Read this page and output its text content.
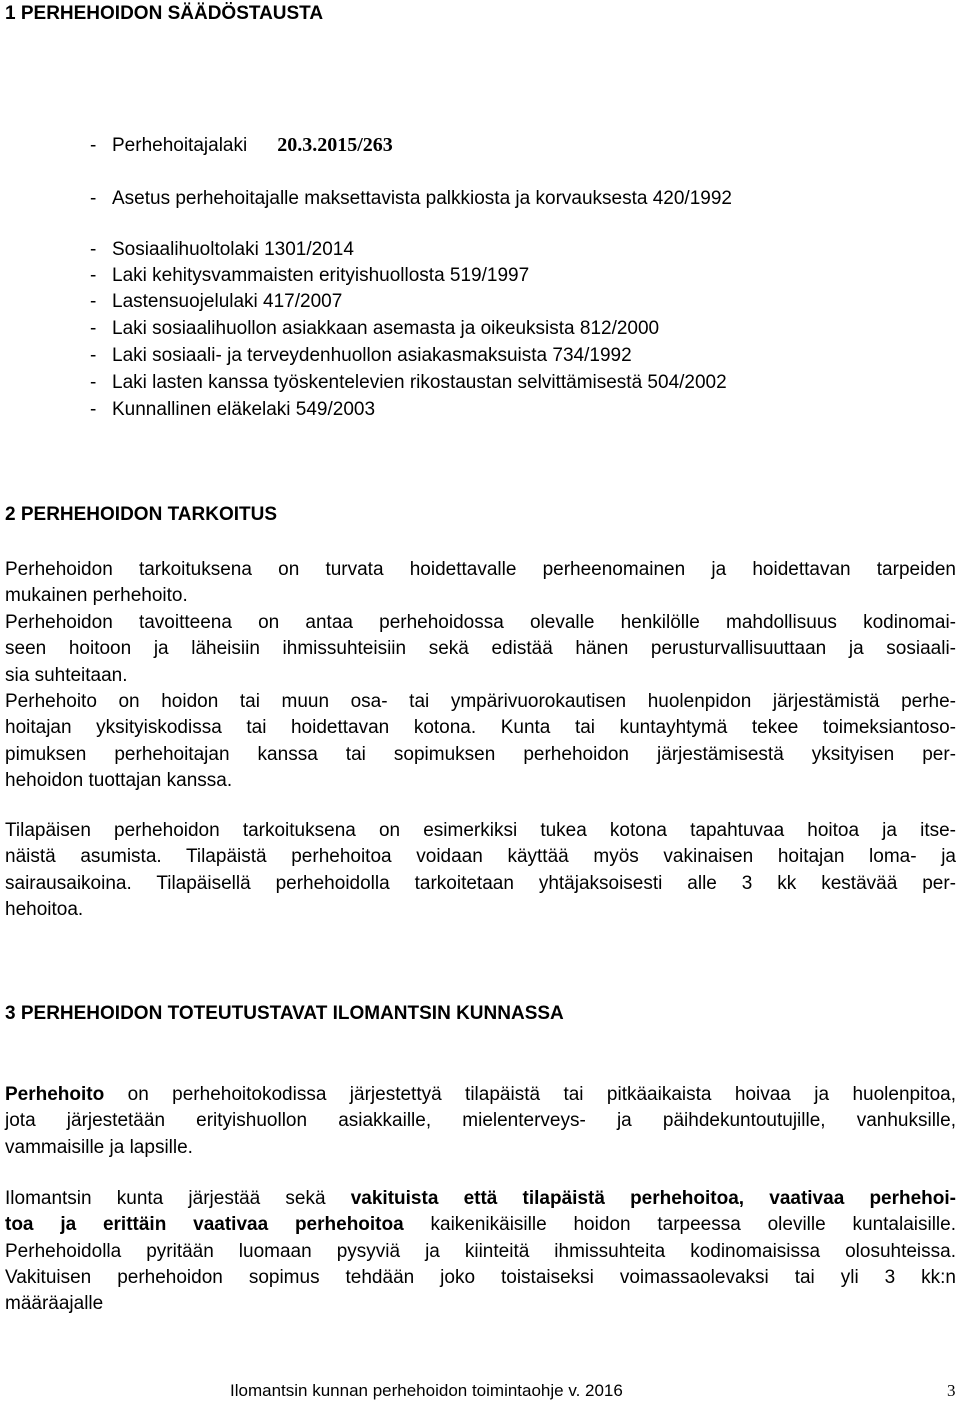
1 PERHEHOIDON SÄÄDÖSTAUSTA
- Perhehoitajalaki 20.3.2015/263
- Asetus perhehoitajalle maksettavista palkkiosta ja korvauksesta 420/1992
- Sosiaalihuoltolaki 1301/2014
- Laki kehitysvammaisten erityishuollosta 519/1997
- Lastensuojelulaki 417/2007
- Laki sosiaalihuollon asiakkaan asemasta ja oikeuksista 812/2000
- Laki sosiaali- ja terveydenhuollon asiakasmaksuista 734/1992
- Laki lasten kanssa työskentelevien rikostaustan selvittämisestä 504/2002
- Kunnallinen eläkelaki 549/2003
2 PERHEHOIDON TARKOITUS
Perhehoidon tarkoituksena on turvata hoidettavalle perheenomainen ja hoidettavan tarpeiden
mukainen perhehoito.
Perhehoidon tavoitteena on antaa perhehoidossa olevalle henkilölle mahdollisuus kodinomai-
seen hoitoon ja läheisiin ihmissuhteisiin sekä edistää hänen perusturvallisuuttaan ja sosiaali-
sia suhteitaan.
Perhehoito on hoidon tai muun osa- tai ympärivuorokautisen huolenpidon järjestämistä perhe-
hoitajan yksityiskodissa tai hoidettavan kotona. Kunta tai kuntayhtymä tekee toimeksiantoso-
pimuksen perhehoitajan kanssa tai sopimuksen perhehoidon järjestämisestä yksityisen per-
hehoidon tuottajan kanssa.
Tilapäisen perhehoidon tarkoituksena on esimerkiksi tukea kotona tapahtuvaa hoitoa ja itse-
näistä asumista. Tilapäistä perhehoitoa voidaan käyttää myös vakinaisen hoitajan loma- ja
sairausaikoina. Tilapäisellä perhehoidolla tarkoitetaan yhtäjaksoisesti alle 3 kk kestävää per-
hehoitoa.
3 PERHEHOIDON TOTEUTUSTAVAT ILOMANTSIN KUNNASSA
Perhehoito on perhehoitokodissa järjestettyä tilapäistä tai pitkäaikaista hoivaa ja huolenpitoa,
jota järjestetään erityishuollon asiakkaille, mielenterveys- ja päihdekuntoutujille, vanhuksille,
vammaisille ja lapsille.
Ilomantsin kunta järjestää sekä vakituista että tilapäistä perhehoitoa, vaativaa perhehoi-
toa ja erittäin vaativaa perhehoitoa kaikenikäisille hoidon tarpeessa oleville kuntalaisille.
Perhehoidolla pyritään luomaan pysyviä ja kiinteitä ihmissuhteita kodinomaisissa olosuhteissa.
Vakituisen perhehoidon sopimus tehdään joko toistaiseksi voimassaolevaksi tai yli 3 kk:n
määräajalle
Ilomantsin kunnan perhehoidon toimintaohje v. 2016	3
